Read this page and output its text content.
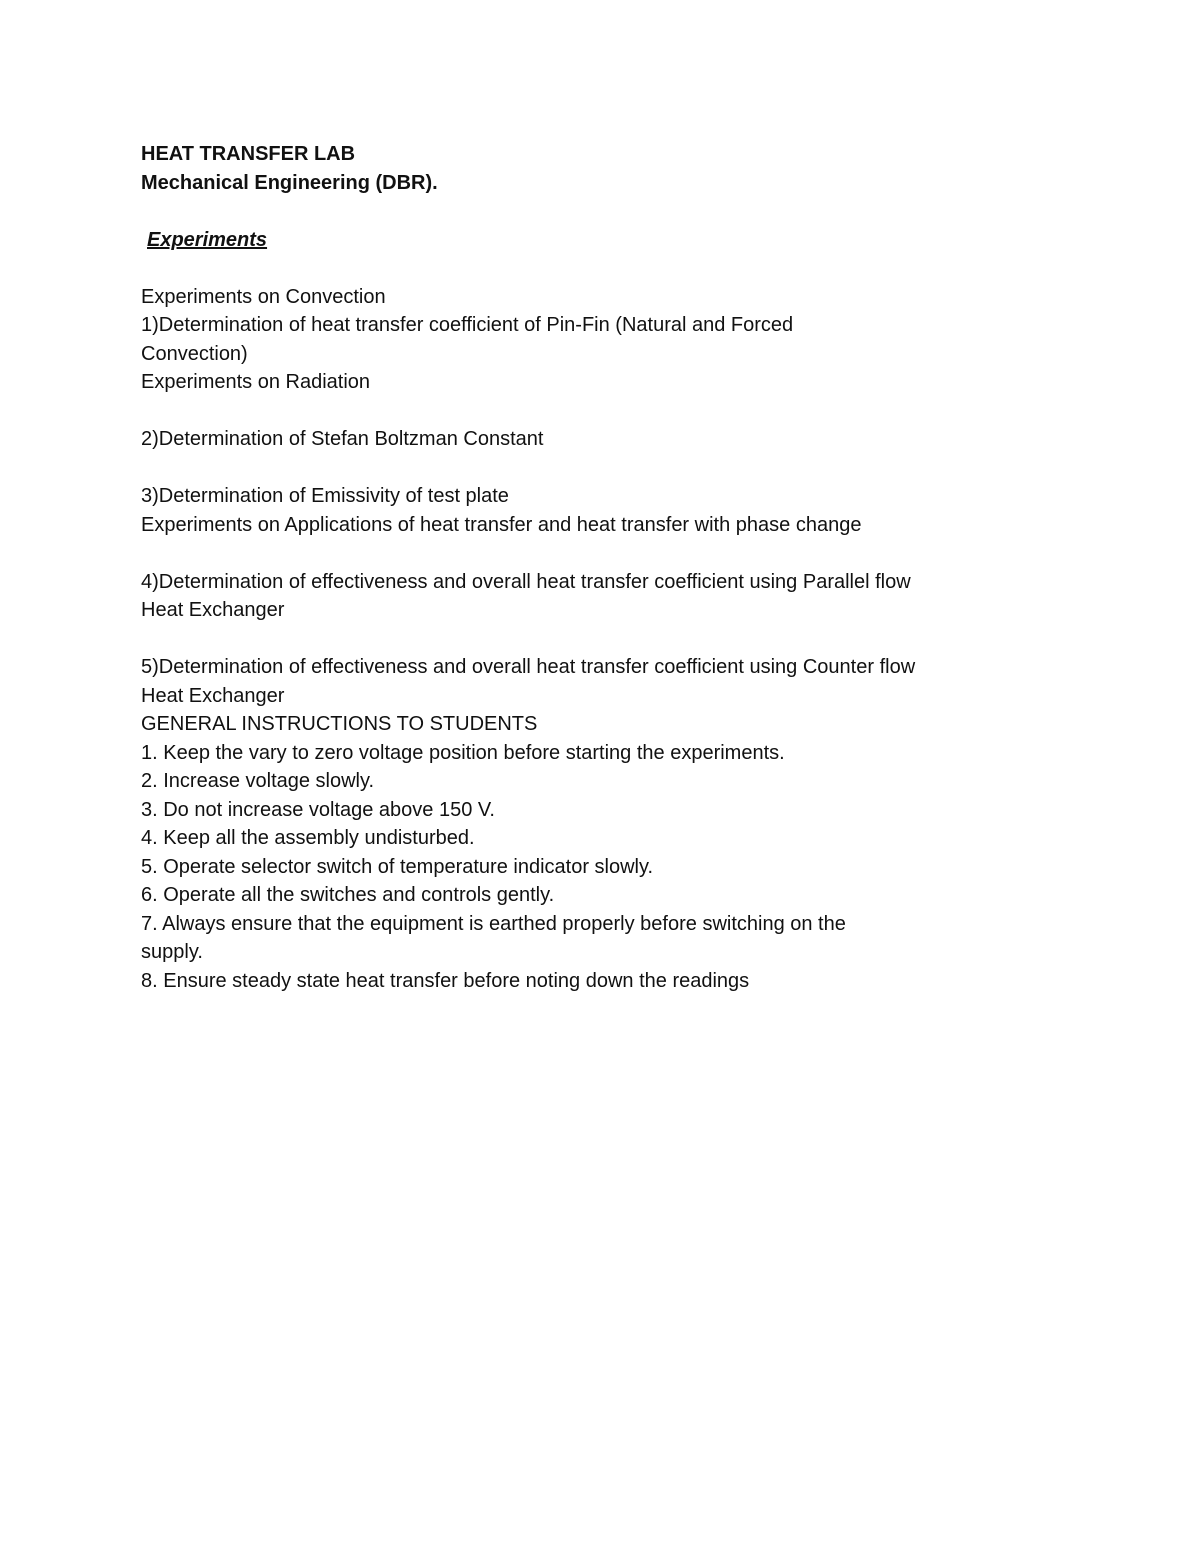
HEAT TRANSFER LAB
Mechanical Engineering (DBR).
Experiments
Experiments on Convection
1)Determination of heat transfer coefficient of Pin-Fin (Natural and Forced
Convection)
Experiments on Radiation
2)Determination of Stefan Boltzman Constant
3)Determination of Emissivity of test plate
Experiments on Applications of heat transfer and heat transfer with phase change
4)Determination of effectiveness and overall heat transfer coefficient using Parallel flow
Heat Exchanger
5)Determination of effectiveness and overall heat transfer coefficient using Counter flow
Heat Exchanger
GENERAL INSTRUCTIONS TO STUDENTS
1. Keep the vary to zero voltage position before starting the experiments.
2. Increase voltage slowly.
3. Do not increase voltage above 150 V.
4. Keep all the assembly undisturbed.
5. Operate selector switch of temperature indicator slowly.
6. Operate all the switches and controls gently.
7. Always ensure that the equipment is earthed properly before switching on the
supply.
8. Ensure steady state heat transfer before noting down the readings
